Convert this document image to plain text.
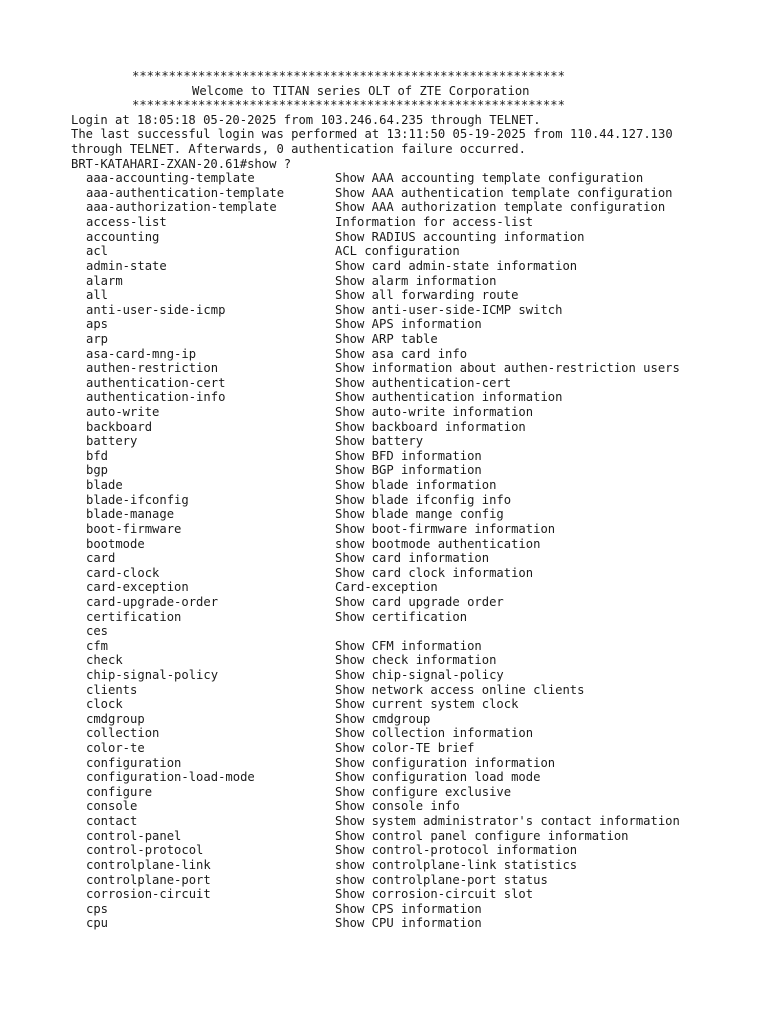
***********************************************************
Welcome to TITAN series OLT of ZTE Corporation
***********************************************************
Login at 18:05:18 05-20-2025 from 103.246.64.235 through TELNET.
The last successful login was performed at 13:11:50 05-19-2025 from 110.44.127.130
through TELNET. Afterwards, 0 authentication failure occurred.
BRT-KATAHARI-ZXAN-20.61#show ?
aaa-accounting-template	Show AAA accounting template configuration
aaa-authentication-template	Show AAA authentication template configuration
aaa-authorization-template	Show AAA authorization template configuration
access-list	Information for access-list
accounting	Show RADIUS accounting information
acl	ACL configuration
admin-state	Show card admin-state information
alarm	Show alarm information
all	Show all forwarding route
anti-user-side-icmp	Show anti-user-side-ICMP switch
aps	Show APS information
arp	Show ARP table
asa-card-mng-ip	Show asa card info
authen-restriction	Show information about authen-restriction users
authentication-cert	Show authentication-cert
authentication-info	Show authentication information
auto-write	Show auto-write information
backboard	Show backboard information
battery	Show battery
bfd	Show BFD information
bgp	Show BGP information
blade	Show blade information
blade-ifconfig	Show blade ifconfig info
blade-manage	Show blade mange config
boot-firmware	Show boot-firmware information
bootmode	show bootmode authentication
card	Show card information
card-clock	Show card clock information
card-exception	Card-exception
card-upgrade-order	Show card upgrade order
certification	Show certification
ces
cfm	Show CFM information
check	Show check information
chip-signal-policy	Show chip-signal-policy
clients	Show network access online clients
clock	Show current system clock
cmdgroup	Show cmdgroup
collection	Show collection information
color-te	Show color-TE brief
configuration	Show configuration information
configuration-load-mode	Show configuration load mode
configure	Show configure exclusive
console	Show console info
contact	Show system administrator's contact information
control-panel	Show control panel configure information
control-protocol	Show control-protocol information
controlplane-link	show controlplane-link statistics
controlplane-port	show controlplane-port status
corrosion-circuit	Show corrosion-circuit slot
cps	Show CPS information
cpu	Show CPU information
